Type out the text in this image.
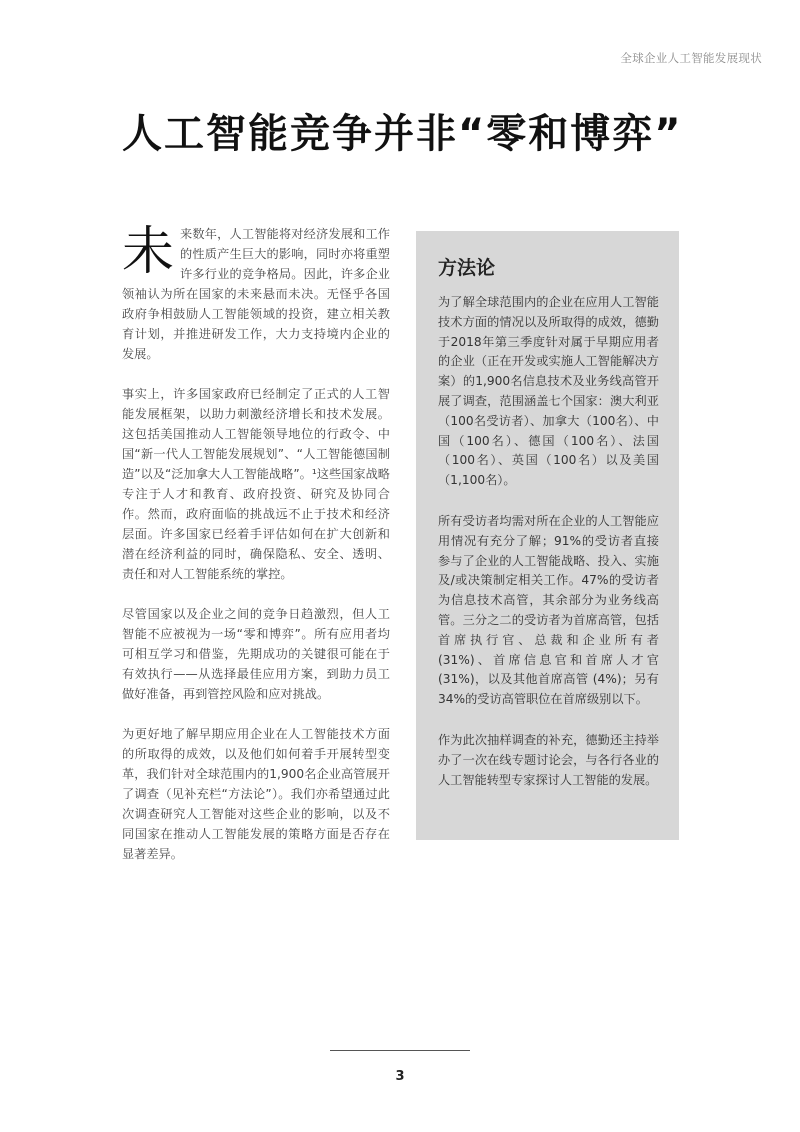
全球企业人工智能发展现状
人工智能竞争并非“零和博弈”

未来数年，人工智能将对经济发展和工作的性质产生巨大的影响，同时亦将重塑许多行业的竞争格局。因此，许多企业领袖认为所在国家的未来悬而未决。无怪乎各国政府争相鼓励人工智能领域的投资，建立相关教育计划，并推进研发工作，大力支持境内企业的发展。

事实上，许多国家政府已经制定了正式的人工智能发展框架，以助力刺激经济增长和技术发展。这包括美国推动人工智能领导地位的行政令、中国“新一代人工智能发展规划”、“人工智能德国制造”以及“泛加拿大人工智能战略”。¹这些国家战略专注于人才和教育、政府投资、研究及协同合作。然而，政府面临的挑战远不止于技术和经济层面。许多国家已经着手评估如何在扩大创新和潜在经济利益的同时，确保隐私、安全、透明、责任和对人工智能系统的掌控。

尽管国家以及企业之间的竞争日趋激烈，但人工智能不应被视为一场“零和博弈”。所有应用者均可相互学习和借鉴，先期成功的关键很可能在于有效执行——从选择最佳应用方案，到助力员工做好准备，再到管控风险和应对挑战。

为更好地了解早期应用企业在人工智能技术方面的所取得的成效，以及他们如何着手开展转型变革，我们针对全球范围内的1,900名企业高管展开了调查（见补充栏“方法论”）。我们亦希望通过此次调查研究人工智能对这些企业的影响，以及不同国家在推动人工智能发展的策略方面是否存在显著差异。

方法论

为了解全球范围内的企业在应用人工智能技术方面的情况以及所取得的成效，德勤于2018年第三季度针对属于早期应用者的企业（正在开发或实施人工智能解决方案）的1,900名信息技术及业务线高管开展了调查，范围涵盖七个国家：澳大利亚（100名受访者）、加拿大（100名）、中国（100名）、德国（100名）、法国（100名）、英国（100名）以及美国（1,100名）。

所有受访者均需对所在企业的人工智能应用情况有充分了解；91%的受访者直接参与了企业的人工智能战略、投入、实施及/或决策制定相关工作。47%的受访者为信息技术高管，其余部分为业务线高管。三分之二的受访者为首席高管，包括首席执行官、总裁和企业所有者 (31%)、首席信息官和首席人才官 (31%)，以及其他首席高管 (4%)；另有34%的受访高管职位在首席级别以下。

作为此次抽样调查的补充，德勤还主持举办了一次在线专题讨论会，与各行各业的人工智能转型专家探讨人工智能的发展。

3
